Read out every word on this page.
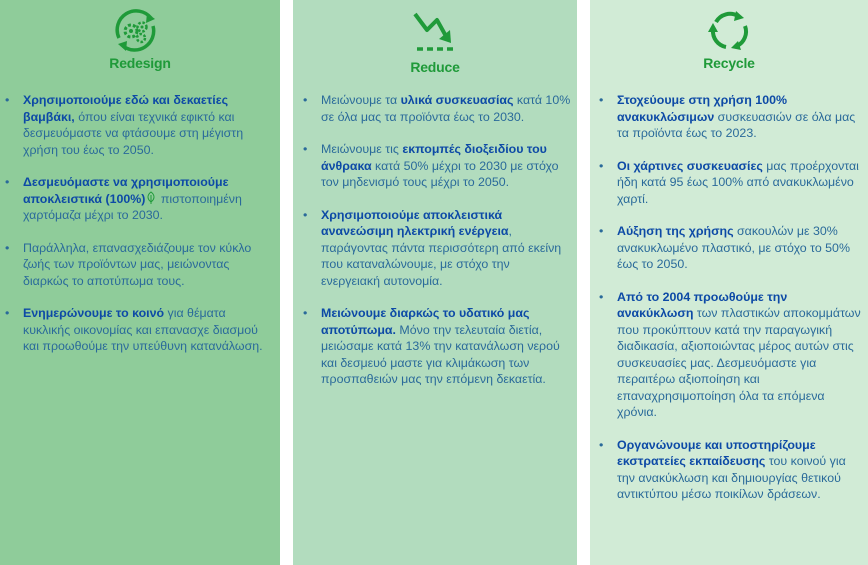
Redesign
• Χρησιμοποιούμε εδώ και δεκαετίες βαμβάκι, όπου είναι τεχνικά εφικτό και δεσμευόμαστε να φτάσουμε στη μέγιστη χρήση του έως το 2050.
• Δεσμευόμαστε να χρησιμοποιούμε αποκλειστικά (100%) πιστοποιημένη χαρτόμαζα μέχρι το 2030.
• Παράλληλα, επανασχεδιάζουμε τον κύκλο ζωής των προϊόντων μας, μειώνοντας διαρκώς το αποτύπωμα τους.
• Ενημερώνουμε το κοινό για θέματα κυκλικής οικονομίας και επανασχε διασμού και προωθούμε την υπεύθυνη κατανάλωση.
Reduce
• Μειώνουμε τα υλικά συσκευασίας κατά 10% σε όλα μας τα προϊόντα έως το 2030.
• Μειώνουμε τις εκπομπές διοξειδίου του άνθρακα κατά 50% μέχρι το 2030 με στόχο τον μηδενισμό τους μέχρι το 2050.
• Χρησιμοποιούμε αποκλειστικά ανανεώσιμη ηλεκτρική ενέργεια, παράγοντας πάντα περισσότερη από εκείνη που καταναλώνουμε, με στόχο την ενεργειακή αυτονομία.
• Μειώνουμε διαρκώς το υδατικό μας αποτύπωμα. Μόνο την τελευταία διετία, μειώσαμε κατά 13% την κατανάλωση νερού και δεσμευό μαστε για κλιμάκωση των προσπαθειών μας την επόμενη δεκαετία.
Recycle
• Στοχεύουμε στη χρήση 100% ανακυκλώσιμων συσκευασιών σε όλα μας τα προϊόντα έως το 2023.
• Οι χάρτινες συσκευασίες μας προέρχονται ήδη κατά 95 έως 100% από ανακυκλωμένο χαρτί.
• Αύξηση της χρήσης σακουλών με 30% ανακυκλωμένο πλαστικό, με στόχο το 50% έως το 2050.
• Από το 2004 προωθούμε την ανακύκλωση των πλαστικών αποκομμάτων που προκύπτουν κατά την παραγωγική διαδικασία, αξιοποιώντας μέρος αυτών στις συσκευασίες μας. Δεσμευόμαστε για περαιτέρω αξιοποίηση και επαναχρησιμοποίηση όλα τα επόμενα χρόνια.
• Οργανώνουμε και υποστηρίζουμε εκστρατείες εκπαίδευσης του κοινού για την ανακύκλωση και δημιουργίας θετικού αντικτύπου μέσω ποικίλων δράσεων.
